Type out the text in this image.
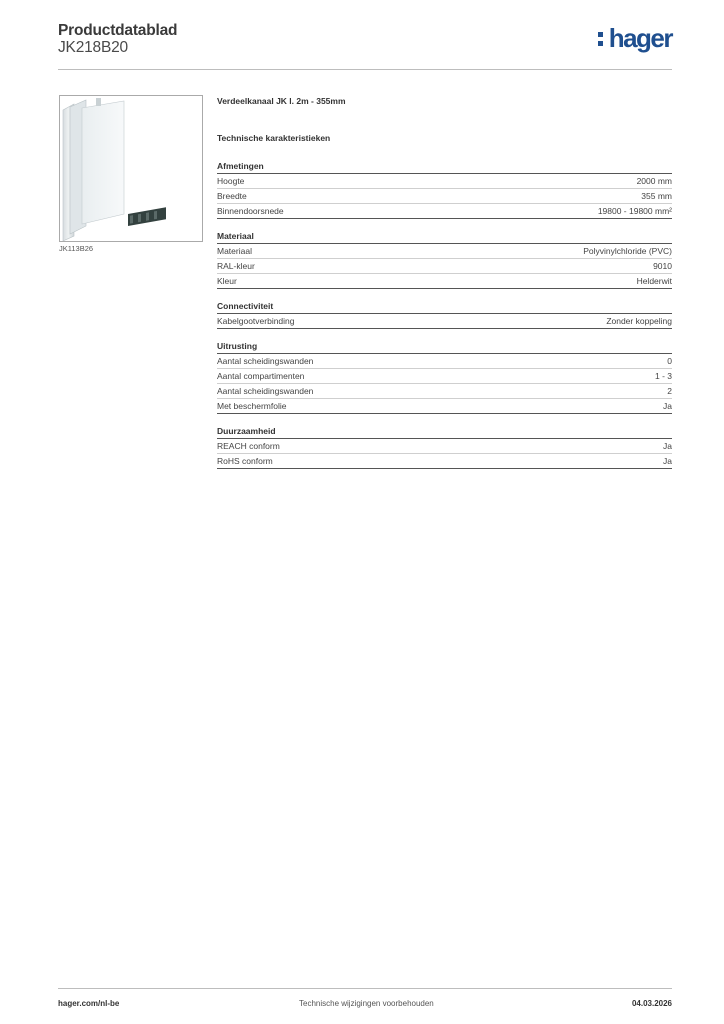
Productdatablad
JK218B20	hager
JK113B26
Verdeelkanaal JK l. 2m - 355mm
Technische karakteristieken
Afmetingen
Hoogte	2000 mm
Breedte	355 mm
Binnendoorsnede	19800 - 19800 mm²
Materiaal
Materiaal	Polyvinylchloride (PVC)
RAL-kleur	9010
Kleur	Helderwit
Connectiviteit
Kabelgootverbinding	Zonder koppeling
Uitrusting
Aantal scheidingswanden	0
Aantal compartimenten	1 - 3
Aantal scheidingswanden	2
Met beschermfolie	Ja
Duurzaamheid
REACH conform	Ja
RoHS conform	Ja
hager.com/nl-be	Technische wijzigingen voorbehouden	04.03.2026
